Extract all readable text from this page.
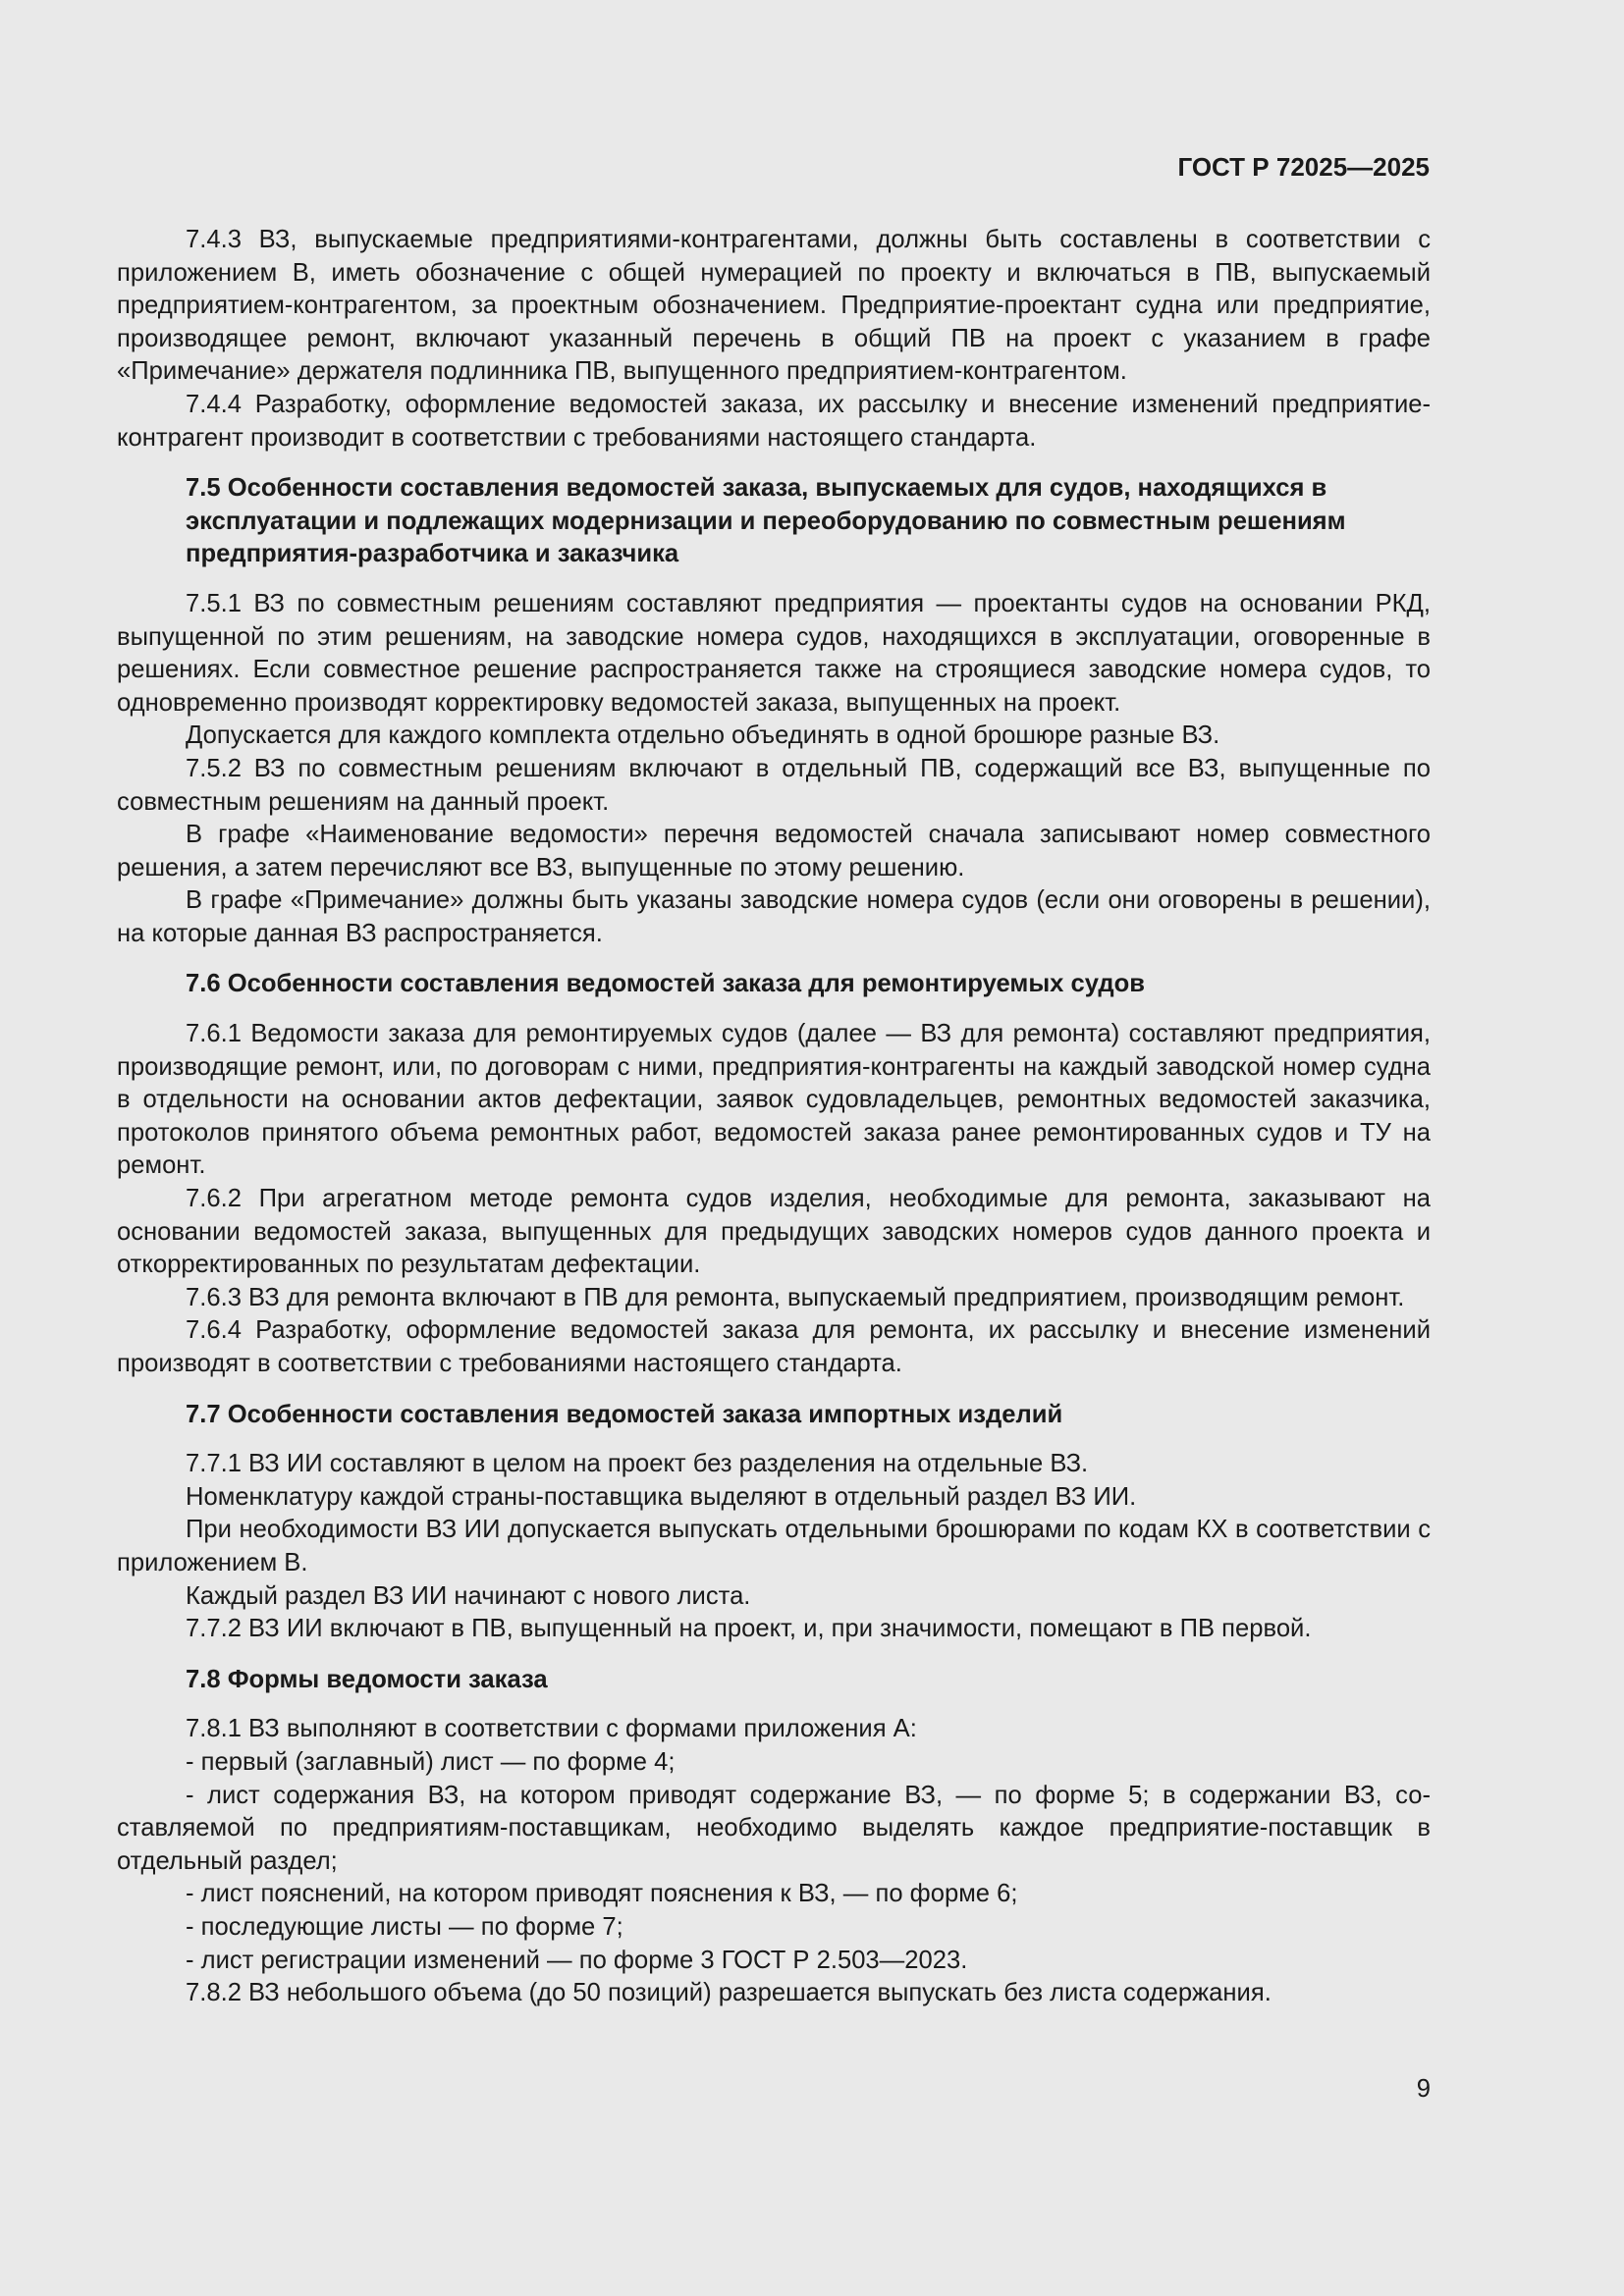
ГОСТ Р 72025—2025

7.4.3 ВЗ, выпускаемые предприятиями-контрагентами, должны быть составлены в соответствии с приложением В, иметь обозначение с общей нумерацией по проекту и включаться в ПВ, выпускаемый предприятием-контрагентом, за проектным обозначением. Предприятие-проектант судна или предприятие, производящее ремонт, включают указанный перечень в общий ПВ на проект с указанием в графе «Примечание» держателя подлинника ПВ, выпущенного предприятием-контрагентом.

7.4.4 Разработку, оформление ведомостей заказа, их рассылку и внесение изменений предприятие-контрагент производит в соответствии с требованиями настоящего стандарта.

7.5 Особенности составления ведомостей заказа, выпускаемых для судов, находящихся в эксплуатации и подлежащих модернизации и переоборудованию по совместным решениям предприятия-разработчика и заказчика

7.5.1 ВЗ по совместным решениям составляют предприятия — проектанты судов на основании РКД, выпущенной по этим решениям, на заводские номера судов, находящихся в эксплуатации, оговоренные в решениях. Если совместное решение распространяется также на строящиеся заводские номера судов, то одновременно производят корректировку ведомостей заказа, выпущенных на проект.

Допускается для каждого комплекта отдельно объединять в одной брошюре разные ВЗ.

7.5.2 ВЗ по совместным решениям включают в отдельный ПВ, содержащий все ВЗ, выпущенные по совместным решениям на данный проект.

В графе «Наименование ведомости» перечня ведомостей сначала записывают номер совместного решения, а затем перечисляют все ВЗ, выпущенные по этому решению.

В графе «Примечание» должны быть указаны заводские номера судов (если они оговорены в решении), на которые данная ВЗ распространяется.

7.6 Особенности составления ведомостей заказа для ремонтируемых судов

7.6.1 Ведомости заказа для ремонтируемых судов (далее — ВЗ для ремонта) составляют предприятия, производящие ремонт, или, по договорам с ними, предприятия-контрагенты на каждый заводской номер судна в отдельности на основании актов дефектации, заявок судовладельцев, ремонтных ведомостей заказчика, протоколов принятого объема ремонтных работ, ведомостей заказа ранее ремонтированных судов и ТУ на ремонт.

7.6.2 При агрегатном методе ремонта судов изделия, необходимые для ремонта, заказывают на основании ведомостей заказа, выпущенных для предыдущих заводских номеров судов данного проекта и откорректированных по результатам дефектации.

7.6.3 ВЗ для ремонта включают в ПВ для ремонта, выпускаемый предприятием, производящим ремонт.

7.6.4 Разработку, оформление ведомостей заказа для ремонта, их рассылку и внесение изменений производят в соответствии с требованиями настоящего стандарта.

7.7 Особенности составления ведомостей заказа импортных изделий

7.7.1 ВЗ ИИ составляют в целом на проект без разделения на отдельные ВЗ.

Номенклатуру каждой страны-поставщика выделяют в отдельный раздел ВЗ ИИ.

При необходимости ВЗ ИИ допускается выпускать отдельными брошюрами по кодам КХ в соответствии с приложением В.

Каждый раздел ВЗ ИИ начинают с нового листа.

7.7.2 ВЗ ИИ включают в ПВ, выпущенный на проект, и, при значимости, помещают в ПВ первой.

7.8 Формы ведомости заказа

7.8.1 ВЗ выполняют в соответствии с формами приложения А:

- первый (заглавный) лист — по форме 4;

- лист содержания ВЗ, на котором приводят содержание ВЗ, — по форме 5; в содержании ВЗ, составляемой по предприятиям-поставщикам, необходимо выделять каждое предприятие-поставщик в отдельный раздел;

- лист пояснений, на котором приводят пояснения к ВЗ, — по форме 6;

- последующие листы — по форме 7;

- лист регистрации изменений — по форме 3 ГОСТ Р 2.503—2023.

7.8.2 ВЗ небольшого объема (до 50 позиций) разрешается выпускать без листа содержания.

9
